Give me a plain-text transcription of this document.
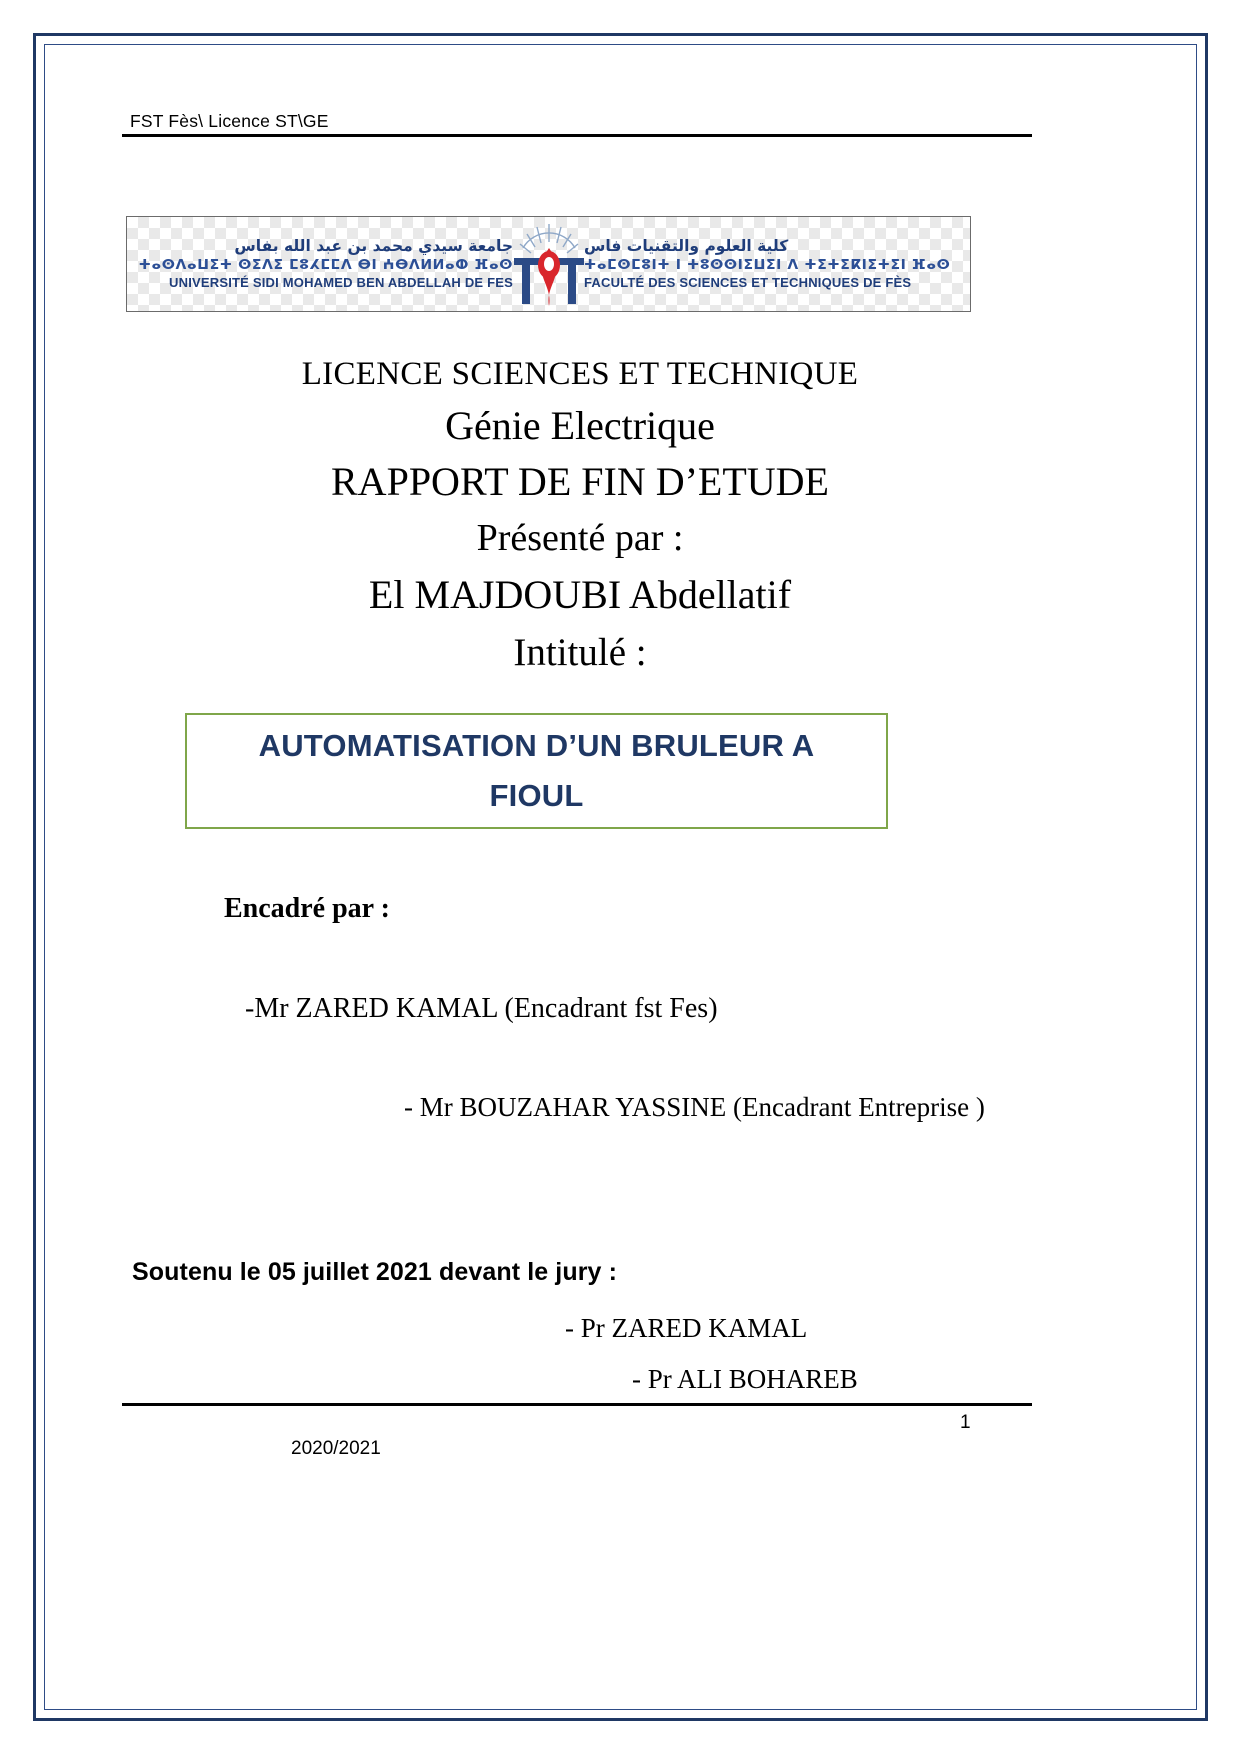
FST Fès\ Licence ST\GE
جامعة سيدي محمد بن عبد الله بفاس
ⵜⴰⵙⴷⴰⵡⵉⵜ ⵙⵉⴷⵉ ⵎⵓⵃⵎⵎⴷ ⴱⵏ ⵄⴱⴷⵍⵍⴰⵀ ⴼⴰⵙ
UNIVERSITÉ SIDI MOHAMED BEN ABDELLAH DE FES
كلية العلوم والتقنيات فاس
ⵜⴰⵎⵙⵎⵓⵏⵜ ⵏ ⵜⵓⵙⵙⵏⵉⵡⵉⵏ ⴷ ⵜⵉⵜⵉⴽⵏⵉⵜⵉⵏ ⴼⴰⵙ
FACULTÉ DES SCIENCES ET TECHNIQUES DE FÈS
LICENCE SCIENCES ET TECHNIQUE
Génie Electrique
RAPPORT DE FIN D’ETUDE
Présenté par :
El MAJDOUBI Abdellatif
Intitulé :
AUTOMATISATION D’UN BRULEUR A FIOUL
Encadré par :
-Mr ZARED KAMAL (Encadrant fst Fes)
- Mr BOUZAHAR YASSINE (Encadrant Entreprise )
Soutenu le 05 juillet 2021 devant le jury :
- Pr ZARED KAMAL
- Pr ALI BOHAREB
1
2020/2021
